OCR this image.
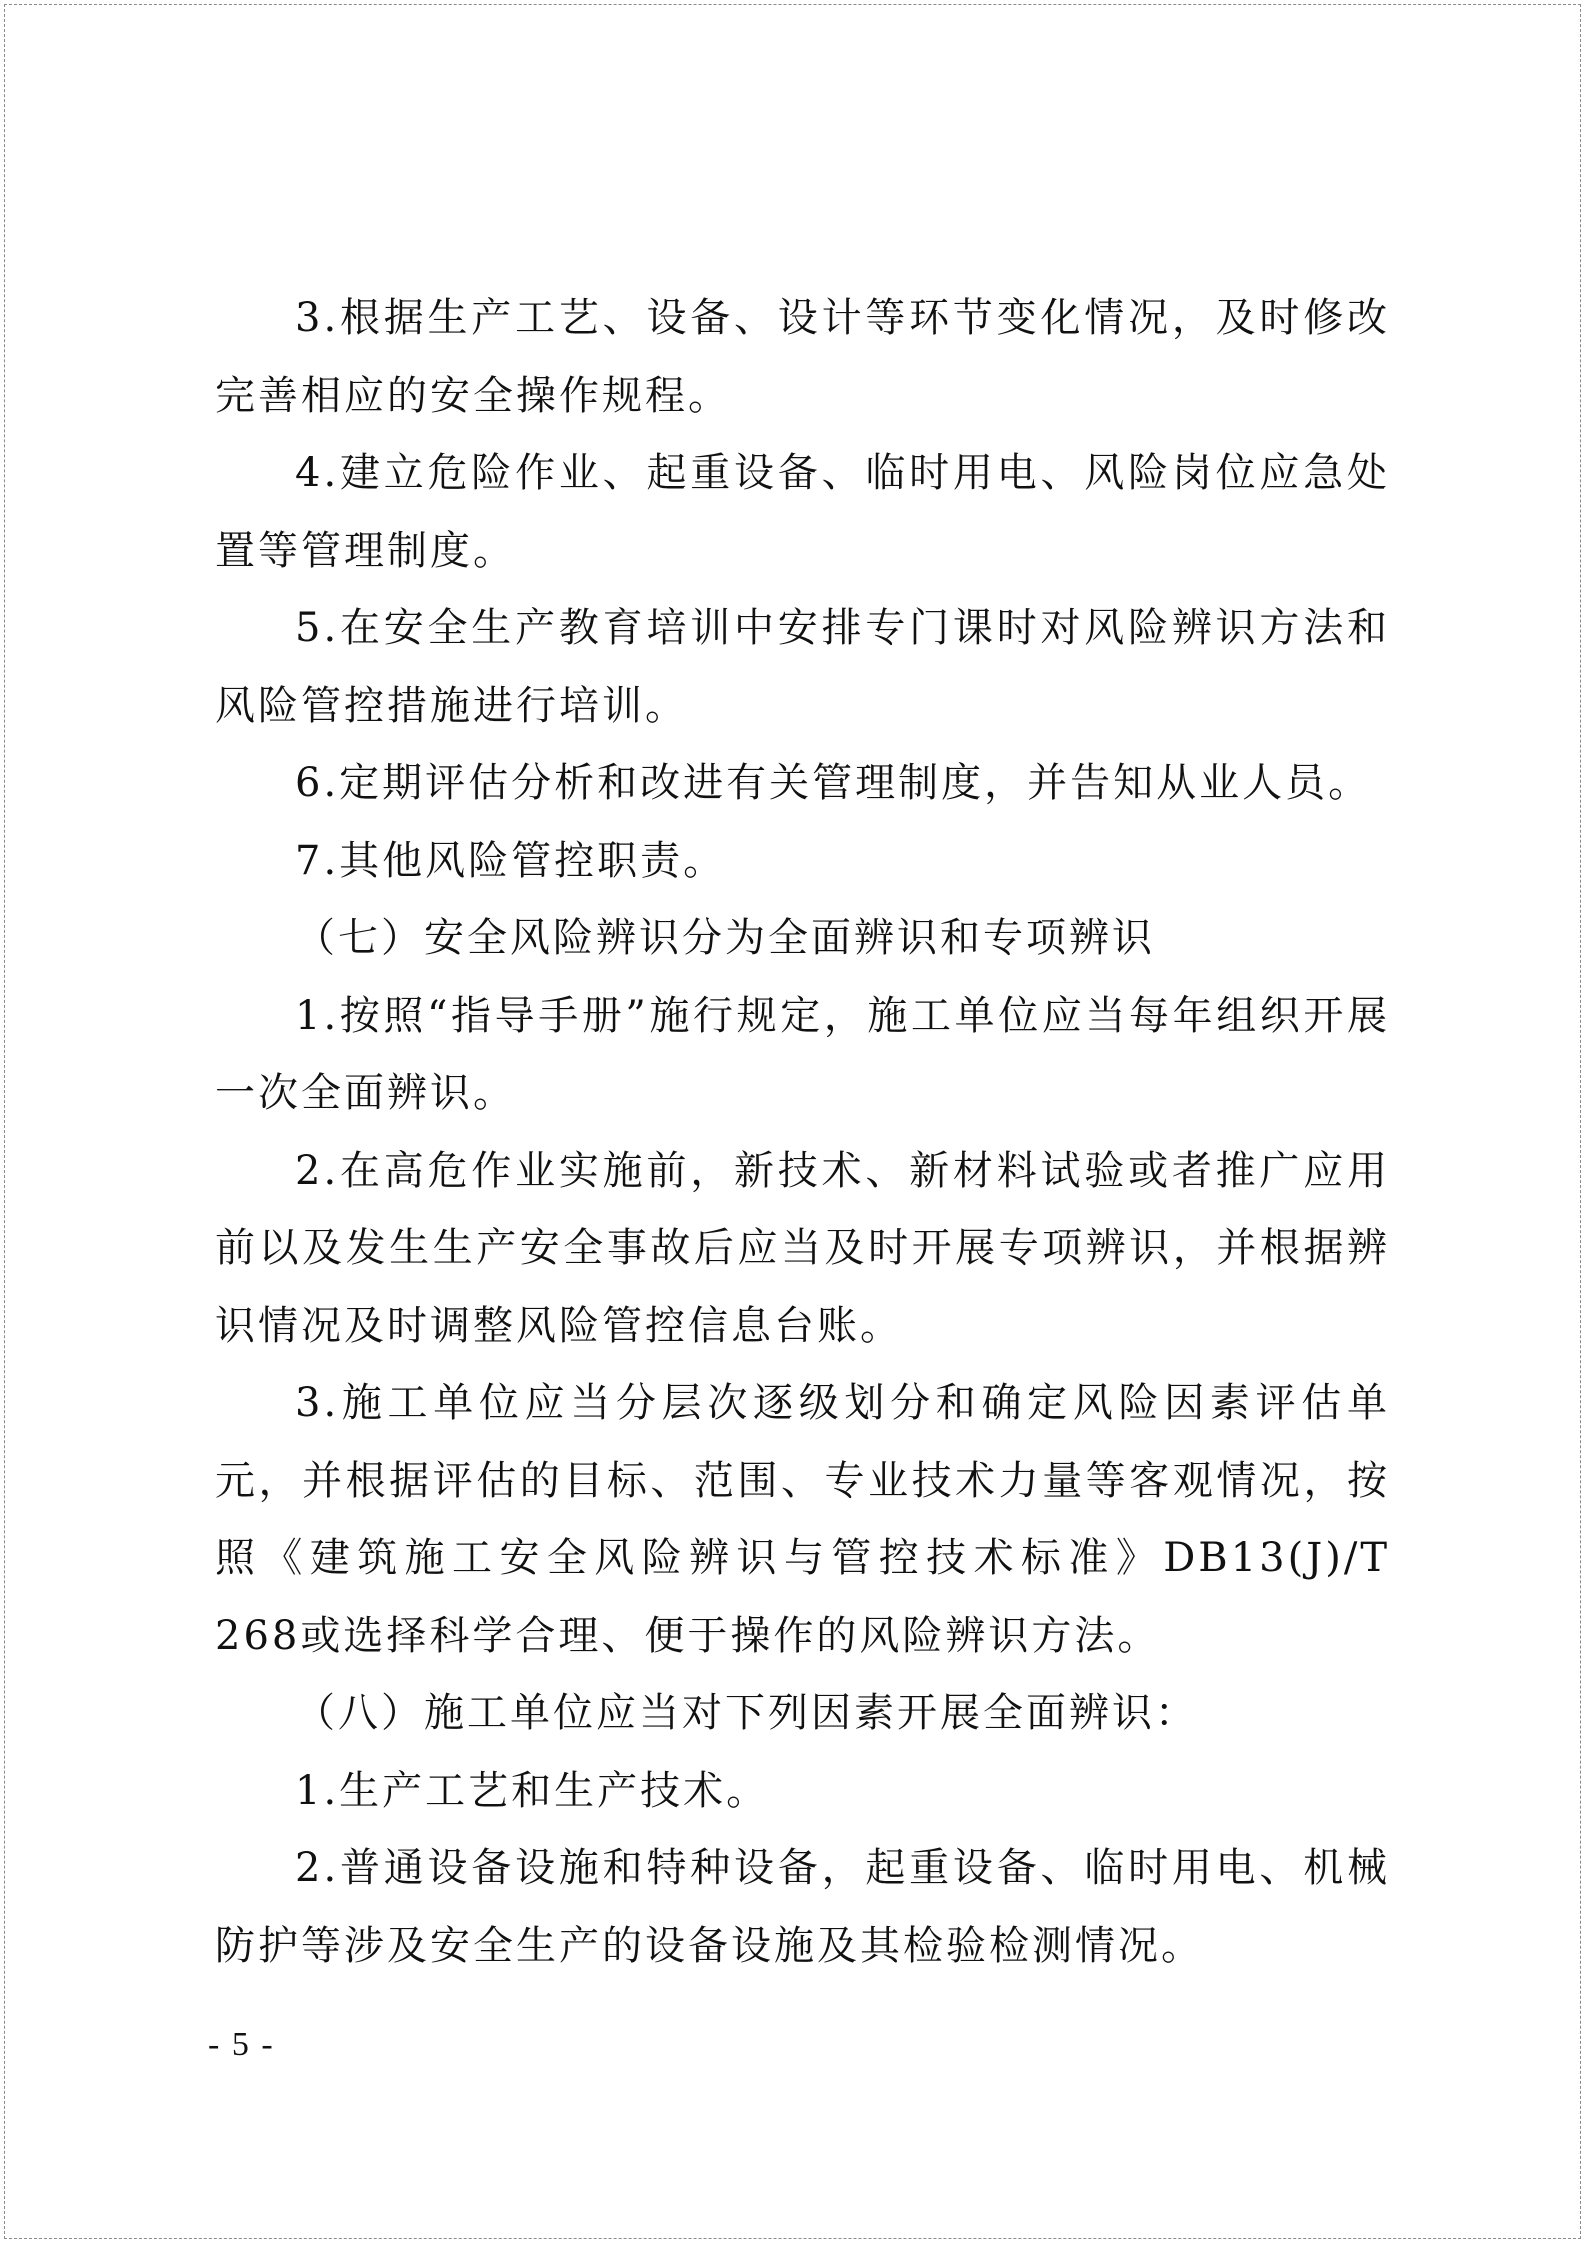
3.根据生产工艺、设备、设计等环节变化情况，及时修改完善相应的安全操作规程。

4.建立危险作业、起重设备、临时用电、风险岗位应急处置等管理制度。

5.在安全生产教育培训中安排专门课时对风险辨识方法和风险管控措施进行培训。

6.定期评估分析和改进有关管理制度，并告知从业人员。

7.其他风险管控职责。

（七）安全风险辨识分为全面辨识和专项辨识

1.按照“指导手册”施行规定，施工单位应当每年组织开展一次全面辨识。

2.在高危作业实施前，新技术、新材料试验或者推广应用前以及发生生产安全事故后应当及时开展专项辨识，并根据辨识情况及时调整风险管控信息台账。

3.施工单位应当分层次逐级划分和确定风险因素评估单元，并根据评估的目标、范围、专业技术力量等客观情况，按照《建筑施工安全风险辨识与管控技术标准》DB13(J)/T 268或选择科学合理、便于操作的风险辨识方法。

（八）施工单位应当对下列因素开展全面辨识：

1.生产工艺和生产技术。

2.普通设备设施和特种设备，起重设备、临时用电、机械防护等涉及安全生产的设备设施及其检验检测情况。

- 5 -
